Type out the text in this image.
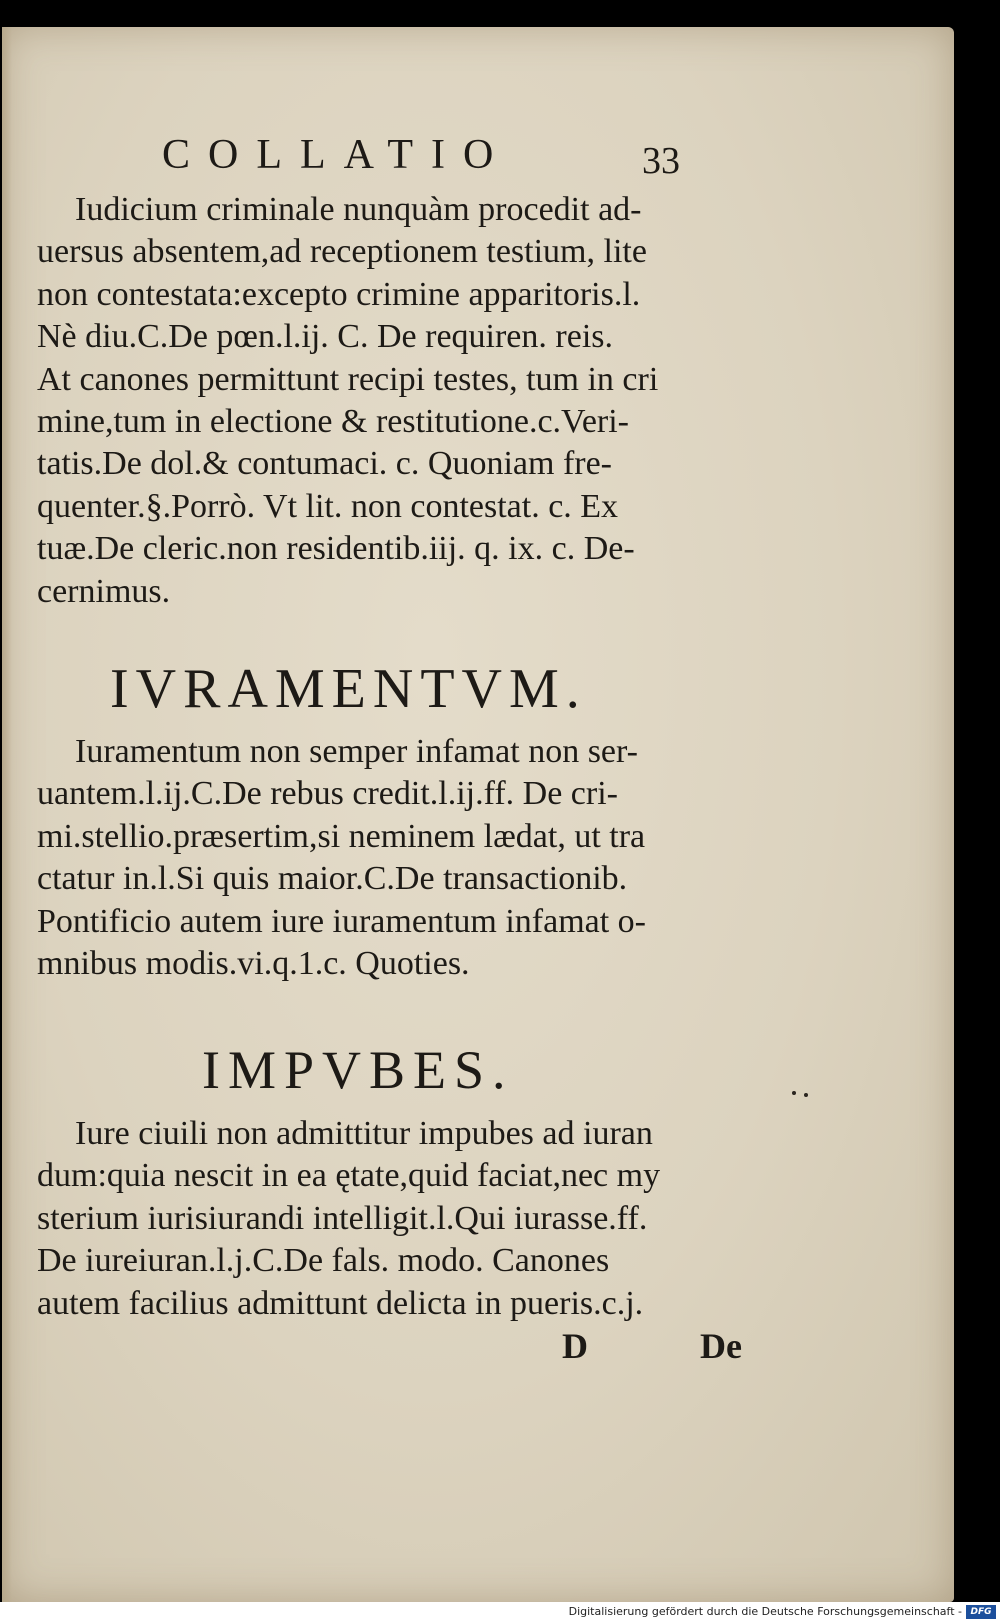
COLLATIO	33
Iudicium criminale nunquàm procedit ad-
uersus absentem,ad receptionem testium, lite
non contestata:excepto crimine apparitoris.l.
Nè diu.C.De pœn.l.ij. C. De requiren. reis.
At canones permittunt recipi testes, tum in cri
mine,tum in electione & restitutione.c.Veri-
tatis.De dol.& contumaci. c. Quoniam fre-
quenter.§.Porrò. Vt lit. non contestat. c. Ex
tuæ.De cleric.non residentib.iij. q. ix. c. De-
cernimus.
IVRAMENTVM.
Iuramentum non semper infamat non ser-
uantem.l.ij.C.De rebus credit.l.ij.ff. De cri-
mi.stellio.præsertim,si neminem lædat, ut tra
ctatur in.l.Si quis maior.C.De transactionib.
Pontificio autem iure iuramentum infamat o-
mnibus modis.vi.q.1.c. Quoties.
IMPVBES.
Iure ciuili non admittitur impubes ad iuran
dum:quia nescit in ea ętate,quid faciat,nec my
sterium iurisiurandi intelligit.l.Qui iurasse.ff.
De iureiuran.l.j.C.De fals. modo. Canones
autem facilius admittunt delicta in pueris.c.j.
D	De
Digitalisierung gefördert durch die Deutsche Forschungsgemeinschaft - DFG
